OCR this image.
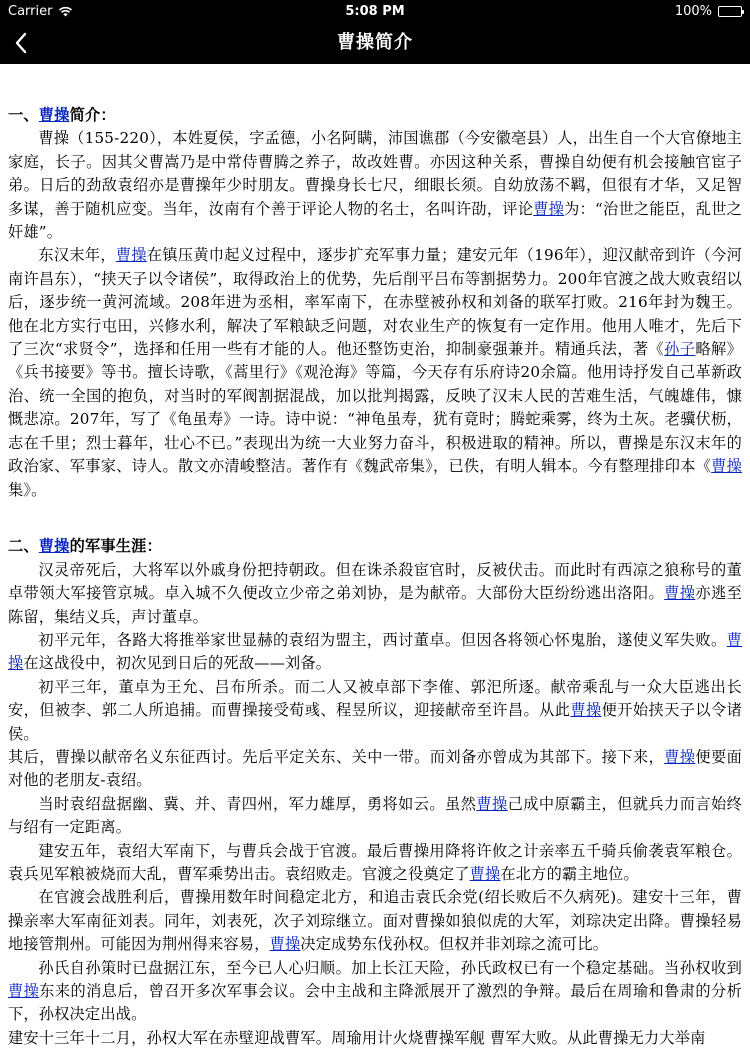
Carrier	5:08 PM	100%
曹操简介
一、曹操简介：

曹操（155-220），本姓夏侯，字孟德，小名阿瞒，沛国谯郡（今安徽亳县）人，出生自一个大官僚地主家庭，长子。因其父曹嵩乃是中常侍曹腾之养子，故改姓曹。亦因这种关系，曹操自幼便有机会接触官宦子弟。日后的劲敌袁绍亦是曹操年少时朋友。曹操身长七尺，细眼长须。自幼放荡不羁，但很有才华，又足智多谋，善于随机应变。当年，汝南有个善于评论人物的名士，名叫许劭，评论曹操为：“治世之能臣，乱世之奸雄”。

东汉末年，曹操在镇压黄巾起义过程中，逐步扩充军事力量；建安元年（196年），迎汉献帝到许（今河南许昌东），“挟天子以令诸侯”，取得政治上的优势，先后削平吕布等割据势力。200年官渡之战大败袁绍以后，逐步统一黄河流域。208年进为丞相，率军南下，在赤壁被孙权和刘备的联军打败。216年封为魏王。他在北方实行屯田，兴修水利，解决了军粮缺乏问题，对农业生产的恢复有一定作用。他用人唯才，先后下了三次“求贤令”，选择和任用一些有才能的人。他还整饬吏治，抑制豪强兼并。精通兵法，著《孙子略解》《兵书接要》等书。擅长诗歌，《蒿里行》《观沧海》等篇，今天存有乐府诗20余篇。他用诗抒发自己革新政治、统一全国的抱负，对当时的军阀割据混战，加以批判揭露，反映了汉末人民的苦难生活，气魄雄伟，慷慨悲凉。207年，写了《龟虽寿》一诗。诗中说：“神龟虽寿，犹有竟时；腾蛇乘雾，终为土灰。老骥伏枥，志在千里；烈士暮年，壮心不已。”表现出为统一大业努力奋斗，积极进取的精神。所以，曹操是东汉末年的政治家、军事家、诗人。散文亦清峻整洁。著作有《魏武帝集》，已佚，有明人辑本。今有整理排印本《曹操集》。

二、曹操的军事生涯：

汉灵帝死后，大将军以外戚身份把持朝政。但在诛杀殺宦官时，反被伏击。而此时有西凉之狼称号的董卓带领大军接管京城。卓入城不久便改立少帝之弟刘协，是为献帝。大部份大臣纷纷逃出洛阳。曹操亦逃至陈留，集结义兵，声讨董卓。

初平元年，各路大将推举家世显赫的袁绍为盟主，西讨董卓。但因各将领心怀鬼胎，遂使义军失败。曹操在这战役中，初次见到日后的死敌——刘备。

初平三年，董卓为王允、吕布所杀。而二人又被卓部下李傕、郭汜所逐。献帝乘乱与一众大臣逃出长安，但被李、郭二人所追捕。而曹操接受荀彧、程昱所议，迎接献帝至许昌。从此曹操便开始挟天子以令诸侯。

其后，曹操以献帝名义东征西讨。先后平定关东、关中一带。而刘备亦曾成为其部下。接下来，曹操便要面对他的老朋友-袁绍。

当时袁绍盘据幽、冀、并、青四州，军力雄厚，勇将如云。虽然曹操己成中原霸主，但就兵力而言始终与绍有一定距离。

建安五年，袁绍大军南下，与曹兵会战于官渡。最后曹操用降将许攸之计亲率五千骑兵偷袭袁军粮仓。袁兵见军粮被烧而大乱，曹军乘势出击。袁绍败走。官渡之役奠定了曹操在北方的霸主地位。

在官渡会战胜利后，曹操用数年时间稳定北方，和追击袁氏余党(绍长败后不久病死)。建安十三年，曹操亲率大军南征刘表。同年，刘表死，次子刘琮继立。面对曹操如狼似虎的大军，刘琮决定出降。曹操轻易地接管荆州。可能因为荆州得来容易，曹操决定成势东伐孙权。但权并非刘琮之流可比。

孙氏自孙策时已盘据江东，至今已人心归顺。加上长江天险，孙氏政权已有一个稳定基础。当孙权收到曹操东来的消息后，曾召开多次军事会议。会中主战和主降派展开了激烈的争辩。最后在周瑜和鲁肃的分析下，孙权决定出战。

建安十三年十二月，孙权大军在赤壁迎战曹军。周瑜用计火烧曹操军舰 曹军大败。从此曹操无力大举南
